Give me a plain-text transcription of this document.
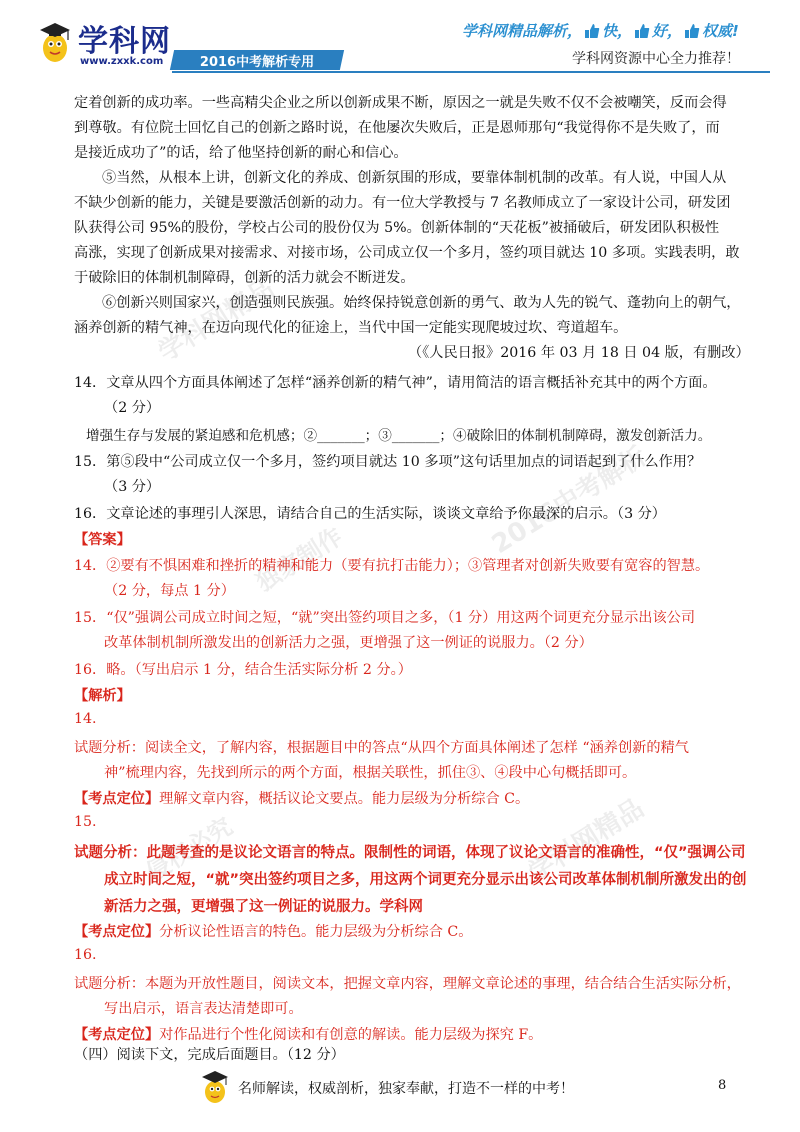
学科网
www.zxxk.com	2016中考解析专用
学科网精品解析， 快， 好， 权威!
学科网资源中心全力推荐！
学科网精品
2016中考解析
独家制作
学科网精品
侵权必究
定着创新的成功率。一些高精尖企业之所以创新成果不断，原因之一就是失败不仅不会被嘲笑，反而会得
到尊敬。有位院士回忆自己的创新之路时说，在他屡次失败后，正是恩师那句“我觉得你不是失败了，而
是接近成功了”的话，给了他坚持创新的耐心和信心。
⑤当然，从根本上讲，创新文化的养成、创新氛围的形成，要靠体制机制的改革。有人说，中国人从
不缺少创新的能力，关键是要激活创新的动力。有一位大学教授与 7 名教师成立了一家设计公司，研发团
队获得公司 95%的股份，学校占公司的股份仅为 5%。创新体制的“天花板”被捅破后，研发团队积极性
高涨，实现了创新成果对接需求、对接市场，公司成立仅一个多月，签约项目就达 10 多项。实践表明，敢
于破除旧的体制机制障碍，创新的活力就会不断迸发。
⑥创新兴则国家兴，创造强则民族强。始终保持锐意创新的勇气、敢为人先的锐气、蓬勃向上的朝气，
涵养创新的精气神，在迈向现代化的征途上，当代中国一定能实现爬坡过坎、弯道超车。
（《人民日报》2016 年 03 月 18 日 04 版，有删改）
14．文章从四个方面具体阐述了怎样“涵养创新的精气神”，请用简洁的语言概括补充其中的两个方面。
（2 分）
增强生存与发展的紧迫感和危机感；②_______；③_______；④破除旧的体制机制障碍，激发创新活力。
15．第⑤段中“公司成立仅一个多月，签约项目就达 10 多项”这句话里加点的词语起到了什么作用？
（3 分）
16．文章论述的事理引人深思，请结合自己的生活实际，谈谈文章给予你最深的启示。（3 分）
【答案】
14．②要有不惧困难和挫折的精神和能力（要有抗打击能力）；③管理者对创新失败要有宽容的智慧。
（2 分，每点 1 分）
15．“仅”强调公司成立时间之短，“就”突出签约项目之多，（1 分）用这两个词更充分显示出该公司
改革体制机制所激发出的创新活力之强，更增强了这一例证的说服力。（2 分）
16．略。（写出启示 1 分，结合生活实际分析 2 分。）
【解析】
14.
试题分析：阅读全文，了解内容，根据题目中的答点“从四个方面具体阐述了怎样 “涵养创新的精气
神”梳理内容，先找到所示的两个方面，根据关联性，抓住③、④段中心句概括即可。
【考点定位】理解文章内容，概括议论文要点。能力层级为分析综合 C。
15.
试题分析：此题考查的是议论文语言的特点。限制性的词语，体现了议论文语言的准确性，“仅”强调公司
成立时间之短，“就”突出签约项目之多，用这两个词更充分显示出该公司改革体制机制所激发出的创
新活力之强，更增强了这一例证的说服力。学科网
【考点定位】分析议论性语言的特色。能力层级为分析综合 C。
16.
试题分析：本题为开放性题目，阅读文本，把握文章内容，理解文章论述的事理，结合结合生活实际分析，
写出启示，语言表达清楚即可。
【考点定位】对作品进行个性化阅读和有创意的解读。能力层级为探究 F。
（四）阅读下文，完成后面题目。（12 分）
名师解读，权威剖析，独家奉献，打造不一样的中考！	8
